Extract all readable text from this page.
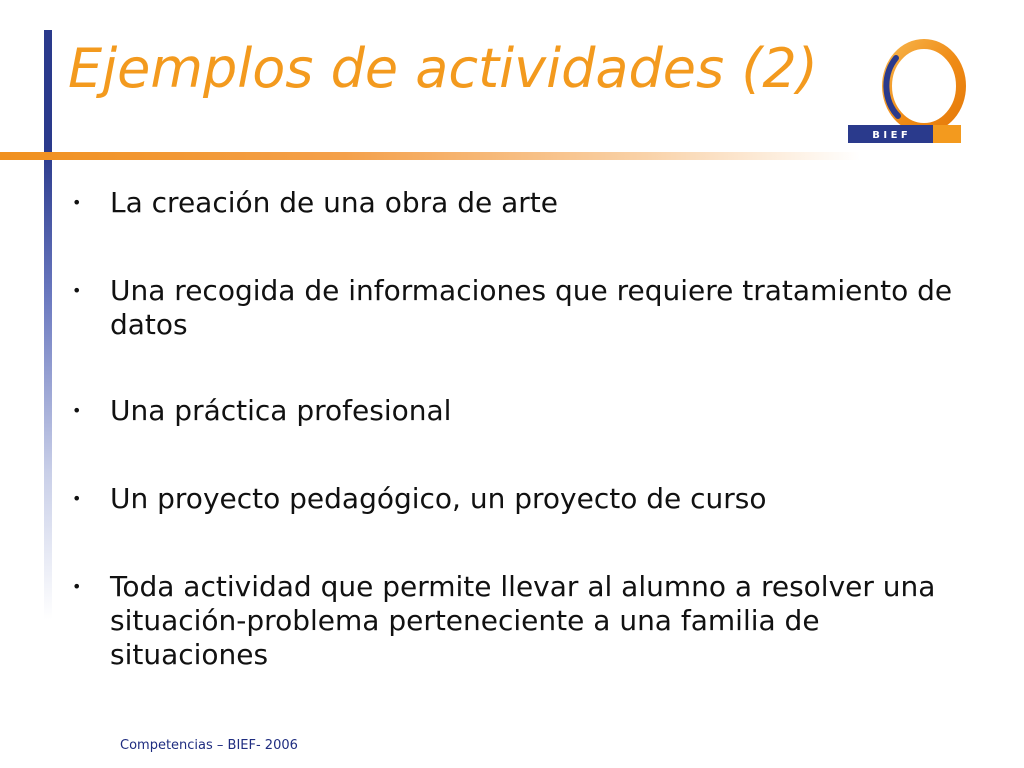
Ejemplos de actividades (2)
B I E F
• La creación de una obra de arte
• Una recogida de informaciones que requiere tratamiento de datos
• Una práctica profesional
• Un proyecto pedagógico, un proyecto de curso
• Toda actividad que permite llevar al alumno a resolver una situación-problema perteneciente a una familia de situaciones
Competencias – BIEF- 2006
